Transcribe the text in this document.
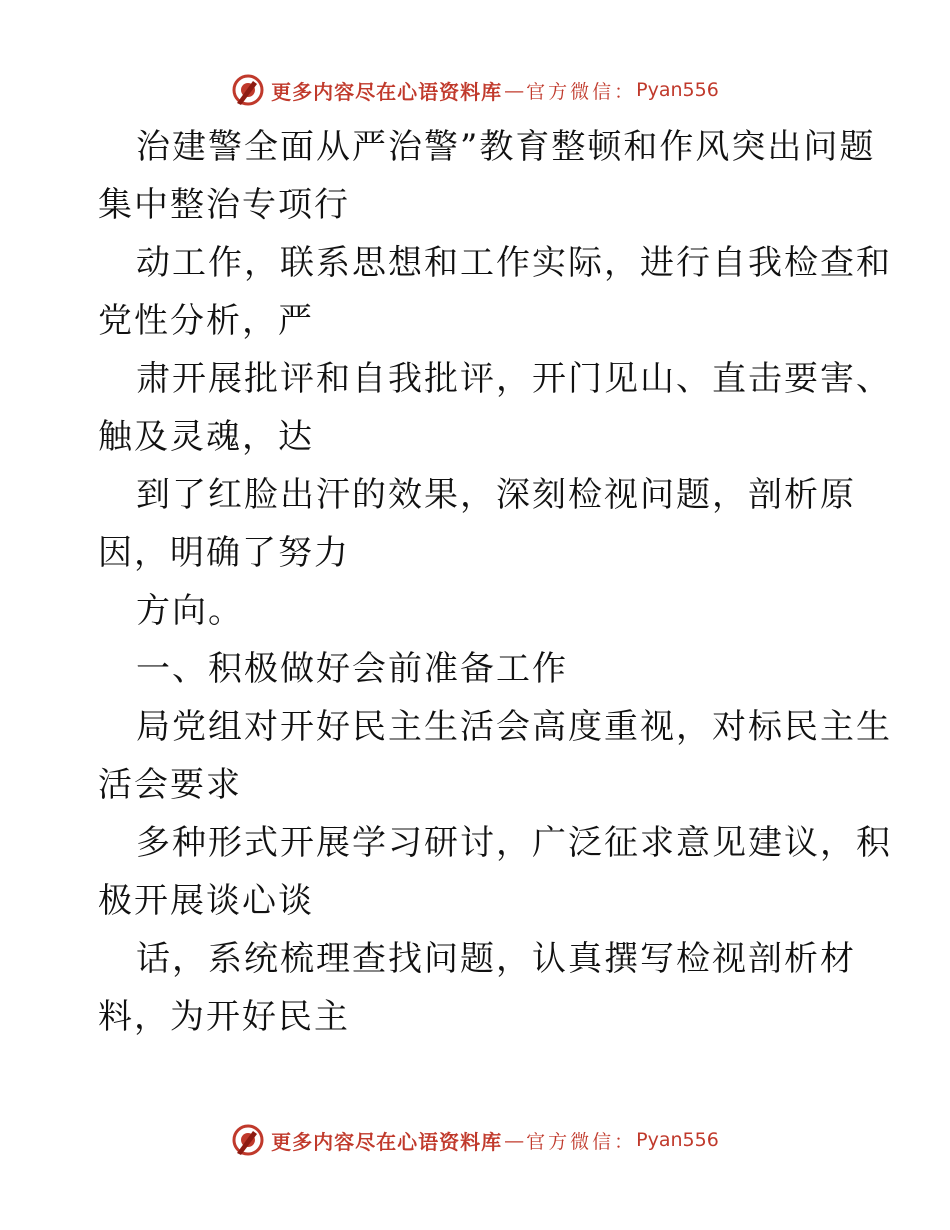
更多内容尽在心语资料库 — 官方微信： Pyan556
治建警全面从严治警”教育整顿和作风突出问题
集中整治专项行
动工作，联系思想和工作实际，进行自我检查和
党性分析，严
肃开展批评和自我批评，开门见山、直击要害、
触及灵魂，达
到了红脸出汗的效果，深刻检视问题，剖析原
因，明确了努力
方向。
一、积极做好会前准备工作
局党组对开好民主生活会高度重视，对标民主生
活会要求
多种形式开展学习研讨，广泛征求意见建议，积
极开展谈心谈
话，系统梳理查找问题，认真撰写检视剖析材
料，为开好民主
更多内容尽在心语资料库 — 官方微信： Pyan556
